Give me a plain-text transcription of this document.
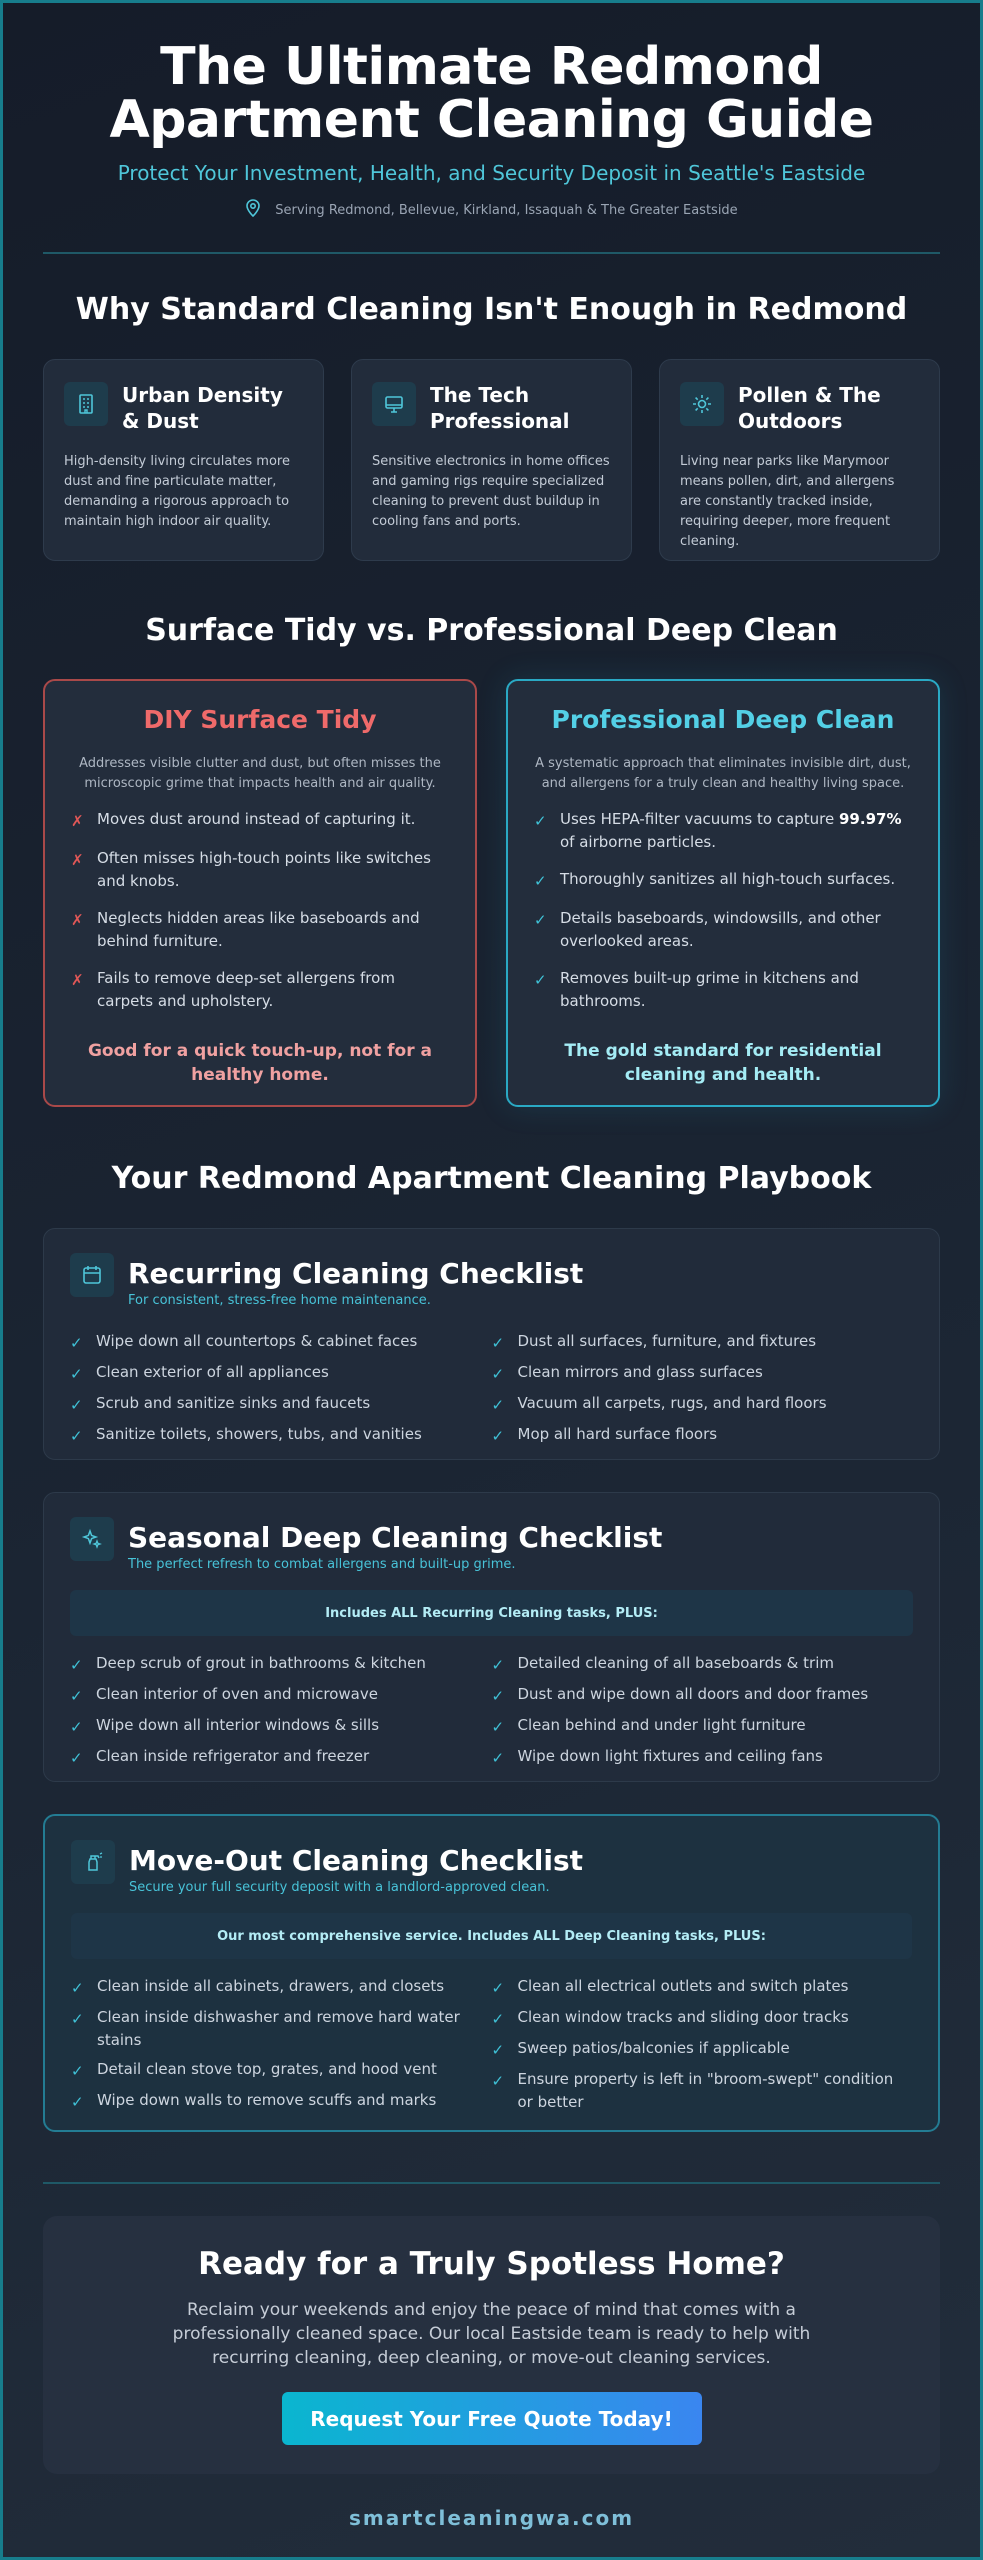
The Ultimate Redmond
Apartment Cleaning Guide
Protect Your Investment, Health, and Security Deposit in Seattle's Eastside
Serving Redmond, Bellevue, Kirkland, Issaquah & The Greater Eastside
Why Standard Cleaning Isn't Enough in Redmond
Urban Density & Dust

High-density living circulates more dust and fine particulate matter, demanding a rigorous approach to maintain high indoor air quality.

The Tech Professional

Sensitive electronics in home offices and gaming rigs require specialized cleaning to prevent dust buildup in cooling fans and ports.

Pollen & The Outdoors

Living near parks like Marymoor means pollen, dirt, and allergens are constantly tracked inside, requiring deeper, more frequent cleaning.

Surface Tidy vs. Professional Deep Clean
DIY Surface Tidy

Addresses visible clutter and dust, but often misses the microscopic grime that impacts health and air quality.

✗ Moves dust around instead of capturing it.
✗ Often misses high-touch points like switches and knobs.
✗ Neglects hidden areas like baseboards and behind furniture.
✗ Fails to remove deep-set allergens from carpets and upholstery.
Good for a quick touch-up, not for a healthy home.
Professional Deep Clean

A systematic approach that eliminates invisible dirt, dust, and allergens for a truly clean and healthy living space.

✓ Uses HEPA-filter vacuums to capture 99.97% of airborne particles.
✓ Thoroughly sanitizes all high-touch surfaces.
✓ Details baseboards, windowsills, and other overlooked areas.
✓ Removes built-up grime in kitchens and bathrooms.
The gold standard for residential cleaning and health.
Your Redmond Apartment Cleaning Playbook
Recurring Cleaning Checklist
For consistent, stress-free home maintenance.
✓ Wipe down all countertops & cabinet faces
✓ Clean exterior of all appliances
✓ Scrub and sanitize sinks and faucets
✓ Sanitize toilets, showers, tubs, and vanities
✓ Dust all surfaces, furniture, and fixtures
✓ Clean mirrors and glass surfaces
✓ Vacuum all carpets, rugs, and hard floors
✓ Mop all hard surface floors
Seasonal Deep Cleaning Checklist
The perfect refresh to combat allergens and built-up grime.
Includes ALL Recurring Cleaning tasks, PLUS:
✓ Deep scrub of grout in bathrooms & kitchen
✓ Clean interior of oven and microwave
✓ Wipe down all interior windows & sills
✓ Clean inside refrigerator and freezer
✓ Detailed cleaning of all baseboards & trim
✓ Dust and wipe down all doors and door frames
✓ Clean behind and under light furniture
✓ Wipe down light fixtures and ceiling fans
Move-Out Cleaning Checklist
Secure your full security deposit with a landlord-approved clean.
Our most comprehensive service. Includes ALL Deep Cleaning tasks, PLUS:
✓ Clean inside all cabinets, drawers, and closets
✓ Clean inside dishwasher and remove hard water stains
✓ Detail clean stove top, grates, and hood vent
✓ Wipe down walls to remove scuffs and marks
✓ Clean all electrical outlets and switch plates
✓ Clean window tracks and sliding door tracks
✓ Sweep patios/balconies if applicable
✓ Ensure property is left in "broom-swept" condition or better
Ready for a Truly Spotless Home?

Reclaim your weekends and enjoy the peace of mind that comes with a professionally cleaned space. Our local Eastside team is ready to help with recurring cleaning, deep cleaning, or move-out cleaning services.

Request Your Free Quote Today!
smartcleaningwa.com
